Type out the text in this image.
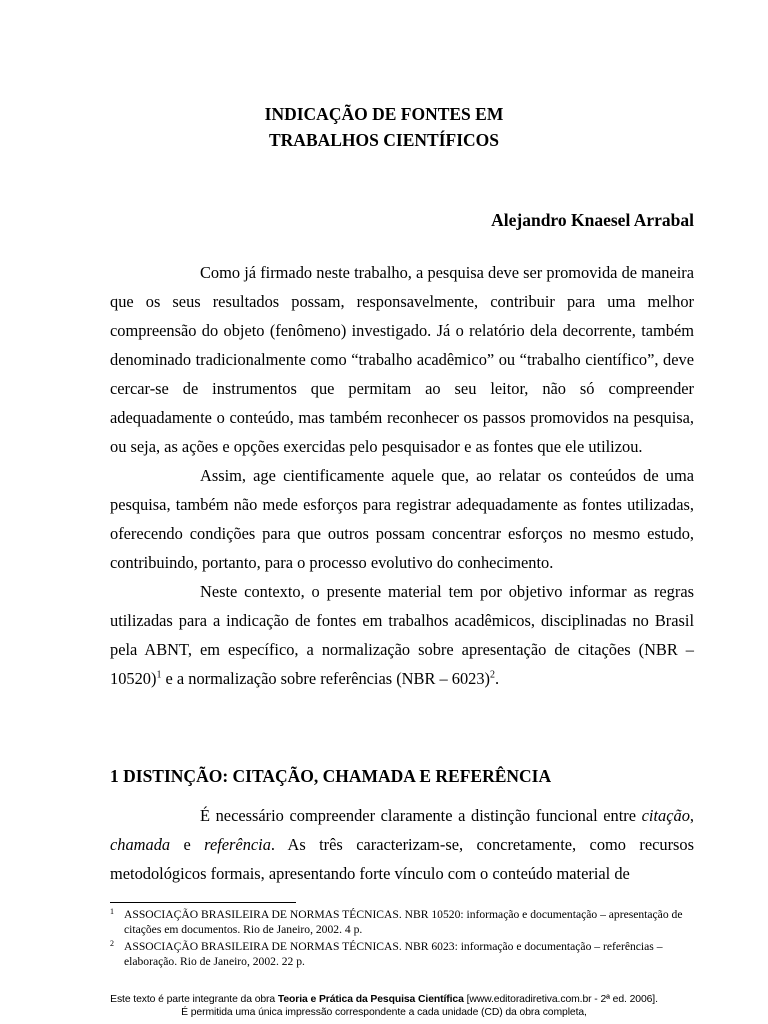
INDICAÇÃO DE FONTES EM
TRABALHOS CIENTÍFICOS
Alejandro Knaesel Arrabal

Como já firmado neste trabalho, a pesquisa deve ser promovida de maneira que os seus resultados possam, responsavelmente, contribuir para uma melhor compreensão do objeto (fenômeno) investigado. Já o relatório dela decorrente, também denominado tradicionalmente como “trabalho acadêmico” ou “trabalho científico”, deve cercar-se de instrumentos que permitam ao seu leitor, não só compreender adequadamente o conteúdo, mas também reconhecer os passos promovidos na pesquisa, ou seja, as ações e opções exercidas pelo pesquisador e as fontes que ele utilizou.

Assim, age cientificamente aquele que, ao relatar os conteúdos de uma pesquisa, também não mede esforços para registrar adequadamente as fontes utilizadas, oferecendo condições para que outros possam concentrar esforços no mesmo estudo, contribuindo, portanto, para o processo evolutivo do conhecimento.

Neste contexto, o presente material tem por objetivo informar as regras utilizadas para a indicação de fontes em trabalhos acadêmicos, disciplinadas no Brasil pela ABNT, em específico, a normalização sobre apresentação de citações (NBR – 10520)$^1$ e a normalização sobre referências (NBR – 6023)$^2$.

1 DISTINÇÃO: CITAÇÃO, CHAMADA E REFERÊNCIA

É necessário compreender claramente a distinção funcional entre citação, chamada e referência. As três caracterizam-se, concretamente, como recursos metodológicos formais, apresentando forte vínculo com o conteúdo material de

1 ASSOCIAÇÃO BRASILEIRA DE NORMAS TÉCNICAS. NBR 10520: informação e documentação – apresentação de citações em documentos. Rio de Janeiro, 2002. 4 p.
2 ASSOCIAÇÃO BRASILEIRA DE NORMAS TÉCNICAS. NBR 6023: informação e documentação – referências – elaboração. Rio de Janeiro, 2002. 22 p.
Este texto é parte integrante da obra Teoria e Prática da Pesquisa Científica [www.editoradiretiva.com.br - 2ª ed. 2006].
É permitida uma única impressão correspondente a cada unidade (CD) da obra completa,
